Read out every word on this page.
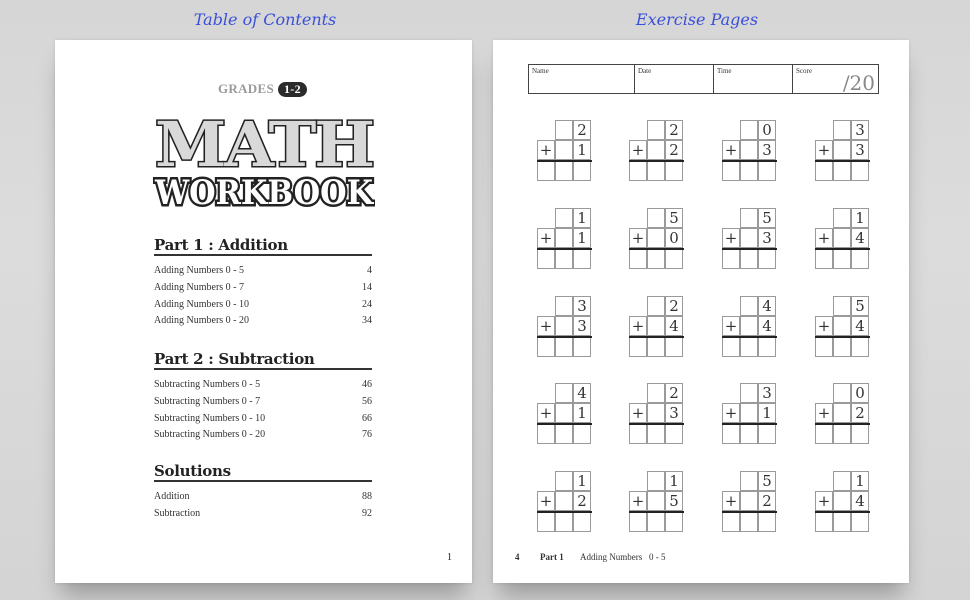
Table of Contents	Exercise Pages
GRADES 1-2
MATH
WORKBOOK
Part 1 : Addition
Adding Numbers 0 - 5	4
Adding Numbers 0 - 7	14
Adding Numbers 0 - 10	24
Adding Numbers 0 - 20	34
Part 2 : Subtraction
Subtracting Numbers 0 - 5	46
Subtracting Numbers 0 - 7	56
Subtracting Numbers 0 - 10	66
Subtracting Numbers 0 - 20	76
Solutions
Addition	88
Subtraction	92
1
Name	Date	Time	Score /20
2
+ 1
2
+ 2
0
+ 3
3
+ 3
1
+ 1
5
+ 0
5
+ 3
1
+ 4
3
+ 3
2
+ 4
4
+ 4
5
+ 4
4
+ 1
2
+ 3
3
+ 1
0
+ 2
1
+ 2
1
+ 5
5
+ 2
1
+ 4
4	Part 1	Adding Numbers   0 - 5
